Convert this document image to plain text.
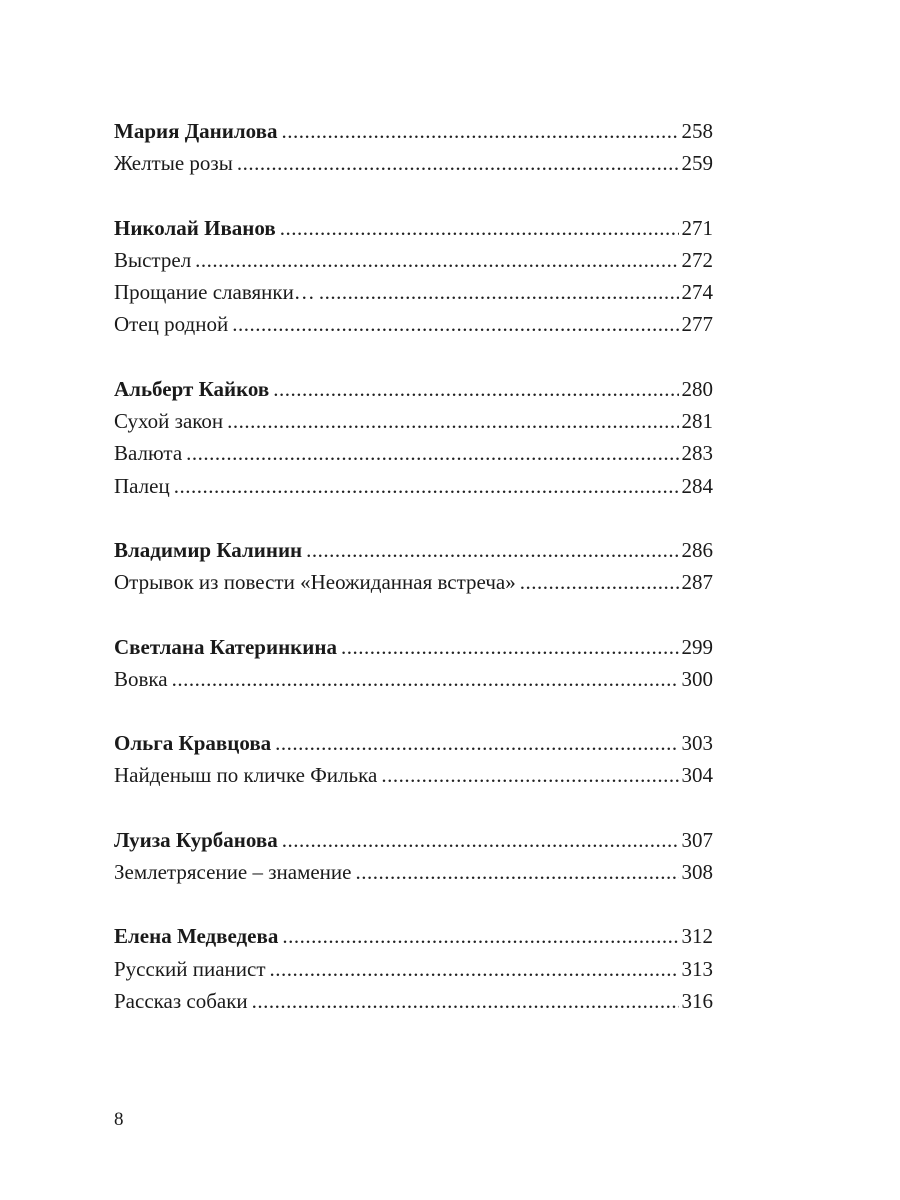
Мария Данилова .....	258
Желтые розы .....	259
Николай Иванов .....	271
Выстрел .....	272
Прощание славянки… .....	274
Отец родной .....	277
Альберт Кайков .....	280
Сухой закон .....	281
Валюта .....	283
Палец .....	284
Владимир Калинин .....	286
Отрывок из повести «Неожиданная встреча» .....	287
Светлана Катеринкина .....	299
Вовка .....	300
Ольга Кравцова .....	303
Найденыш по кличке Филька .....	304
Луиза Курбанова .....	307
Землетрясение – знамение .....	308
Елена Медведева .....	312
Русский пианист .....	313
Рассказ собаки .....	316
8
